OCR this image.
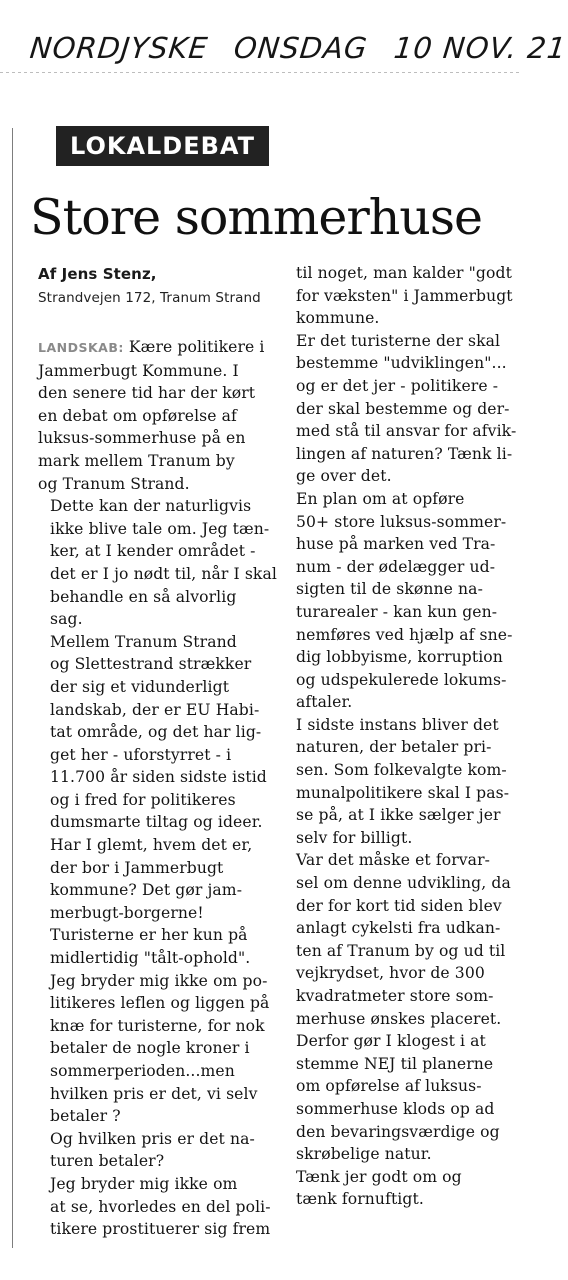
NORDJYSKE ONSDAG 10 NOV. 21
LOKALDEBAT
Store sommerhuse
Af Jens Stenz,
Strandvejen 172, Tranum Strand
LANDSKAB: Kære politikere i
Jammerbugt Kommune. I
den senere tid har der kørt
en debat om opførelse af
luksus-sommerhuse på en
mark mellem Tranum by
og Tranum Strand.
Dette kan der naturligvis
ikke blive tale om. Jeg tæn-
ker, at I kender området -
det er I jo nødt til, når I skal
behandle en så alvorlig
sag.
Mellem Tranum Strand
og Slettestrand strækker
der sig et vidunderligt
landskab, der er EU Habi-
tat område, og det har lig-
get her - uforstyrret - i
11.700 år siden sidste istid
og i fred for politikeres
dumsmarte tiltag og ideer.
Har I glemt, hvem det er,
der bor i Jammerbugt
kommune? Det gør jam-
merbugt-borgerne!
Turisterne er her kun på
midlertidig "tålt-ophold".
Jeg bryder mig ikke om po-
litikeres leflen og liggen på
knæ for turisterne, for nok
betaler de nogle kroner i
sommerperioden...men
hvilken pris er det, vi selv
betaler ?
Og hvilken pris er det na-
turen betaler?
Jeg bryder mig ikke om
at se, hvorledes en del poli-
tikere prostituerer sig frem
til noget, man kalder "godt
for væksten" i Jammerbugt
kommune.
Er det turisterne der skal
bestemme "udviklingen"...
og er det jer - politikere -
der skal bestemme og der-
med stå til ansvar for afvik-
lingen af naturen? Tænk li-
ge over det.
En plan om at opføre
50+ store luksus-sommer-
huse på marken ved Tra-
num - der ødelægger ud-
sigten til de skønne na-
turarealer - kan kun gen-
nemføres ved hjælp af sne-
dig lobbyisme, korruption
og udspekulerede lokums-
aftaler.
I sidste instans bliver det
naturen, der betaler pri-
sen. Som folkevalgte kom-
munalpolitikere skal I pas-
se på, at I ikke sælger jer
selv for billigt.
Var det måske et forvar-
sel om denne udvikling, da
der for kort tid siden blev
anlagt cykelsti fra udkan-
ten af Tranum by og ud til
vejkrydset, hvor de 300
kvadratmeter store som-
merhuse ønskes placeret.
Derfor gør I klogest i at
stemme NEJ til planerne
om opførelse af luksus-
sommerhuse klods op ad
den bevaringsværdige og
skrøbelige natur.
Tænk jer godt om og
tænk fornuftigt.
